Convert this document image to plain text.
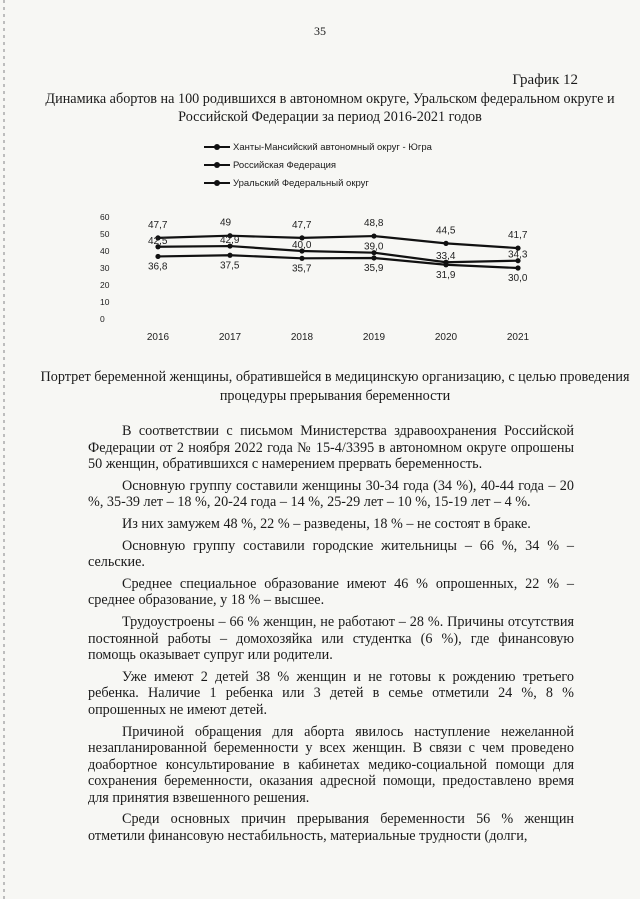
35
График 12
Динамика абортов на 100 родившихся в автономном округе, Уральском федеральном округе и Российской Федерации за период 2016-2021 годов
Ханты-Мансийский автономный округ - Югра
Российская Федерация
Уральский Федеральный округ
0
10
20
30
40
50
60
2016	2017	2018	2019	2020	2021
47,7	49	47,7	48,8
44,5	41,7
42,5	42,9	40,0	39,0
33,4	34,3
36,8	37,5	35,7	35,9
31,9	30,0
Портрет беременной женщины, обратившейся в медицинскую организацию, с целью проведения процедуры прерывания беременности

В соответствии с письмом Министерства здравоохранения Российской Федерации от 2 ноября 2022 года № 15-4/3395 в автономном округе опрошены 50 женщин, обратившихся с намерением прервать беременность.

Основную группу составили женщины 30-34 года (34 %), 40-44 года – 20 %, 35-39 лет – 18 %, 20-24 года – 14 %, 25-29 лет – 10 %, 15-19 лет – 4 %.

Из них замужем 48 %, 22 % – разведены, 18 % – не состоят в браке.

Основную группу составили городские жительницы – 66 %, 34 % – сельские.

Среднее специальное образование имеют 46 % опрошенных, 22 % – среднее образование, у 18 % – высшее.

Трудоустроены – 66 % женщин, не работают – 28 %. Причины отсутствия постоянной работы – домохозяйка или студентка (6 %), где финансовую помощь оказывает супруг или родители.

Уже имеют 2 детей 38 % женщин и не готовы к рождению третьего ребенка. Наличие 1 ребенка или 3 детей в семье отметили 24 %, 8 % опрошенных не имеют детей.

Причиной обращения для аборта явилось наступление нежеланной незапланированной беременности у всех женщин. В связи с чем проведено доабортное консультирование в кабинетах медико-социальной помощи для сохранения беременности, оказания адресной помощи, предоставлено время для принятия взвешенного решения.

Среди основных причин прерывания беременности 56 % женщин отметили финансовую нестабильность, материальные трудности (долги,
